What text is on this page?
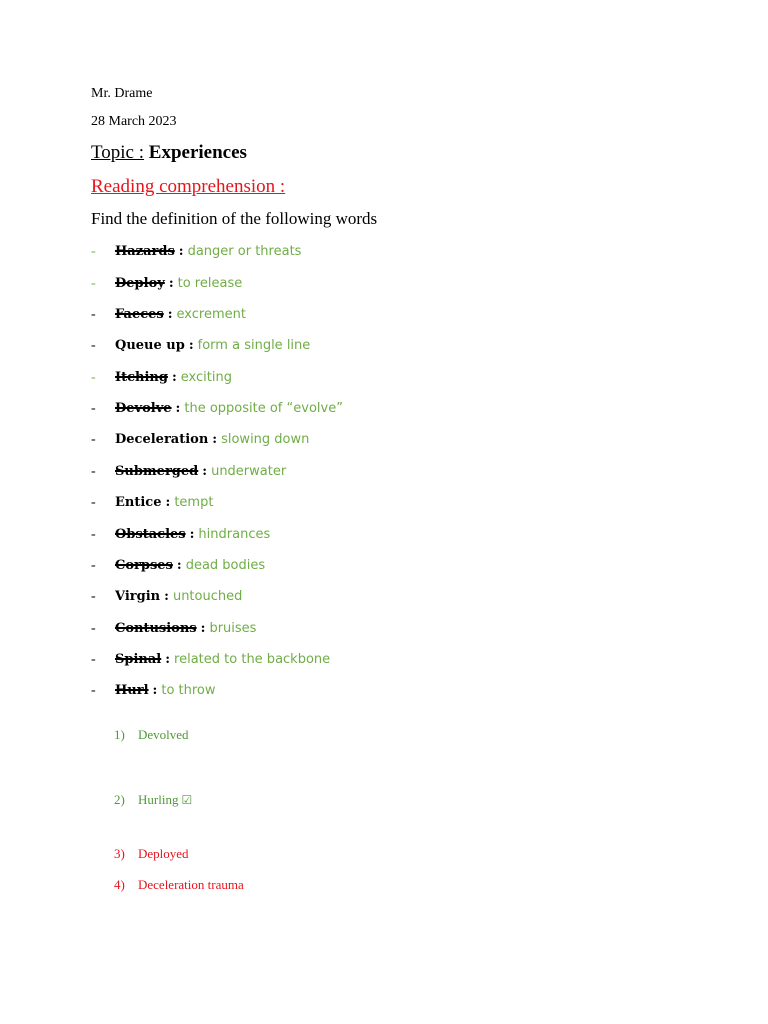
Mr. Drame
28 March 2023
Topic : Experiences
Reading comprehension :
Find the definition of the following words
- Hazards : danger or threats
- Deploy : to release
- Faeces : excrement
- Queue up : form a single line
- Itching : exciting
- Devolve : the opposite of “evolve”
- Deceleration : slowing down
- Submerged : underwater
- Entice : tempt
- Obstacles : hindrances
- Corpses : dead bodies
- Virgin : untouched
- Contusions : bruises
- Spinal : related to the backbone
- Hurl : to throw
1) Devolved
2) Hurling ☑
3) Deployed
4) Deceleration trauma
